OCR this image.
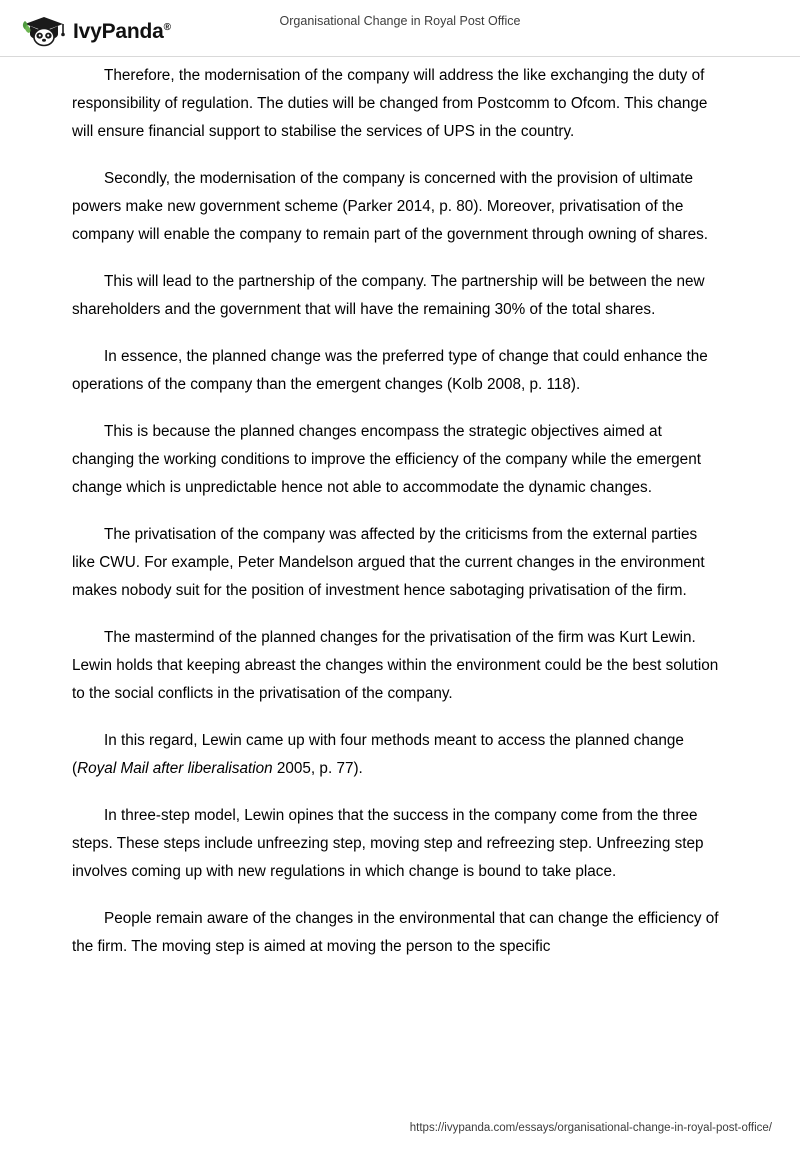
IvyPanda®	Organisational Change in Royal Post Office

Therefore, the modernisation of the company will address the like exchanging the duty of responsibility of regulation. The duties will be changed from Postcomm to Ofcom. This change will ensure financial support to stabilise the services of UPS in the country.

Secondly, the modernisation of the company is concerned with the provision of ultimate powers make new government scheme (Parker 2014, p. 80). Moreover, privatisation of the company will enable the company to remain part of the government through owning of shares.

This will lead to the partnership of the company. The partnership will be between the new shareholders and the government that will have the remaining 30% of the total shares.

In essence, the planned change was the preferred type of change that could enhance the operations of the company than the emergent changes (Kolb 2008, p. 118).

This is because the planned changes encompass the strategic objectives aimed at changing the working conditions to improve the efficiency of the company while the emergent change which is unpredictable hence not able to accommodate the dynamic changes.

The privatisation of the company was affected by the criticisms from the external parties like CWU. For example, Peter Mandelson argued that the current changes in the environment makes nobody suit for the position of investment hence sabotaging privatisation of the firm.

The mastermind of the planned changes for the privatisation of the firm was Kurt Lewin. Lewin holds that keeping abreast the changes within the environment could be the best solution to the social conflicts in the privatisation of the company.

In this regard, Lewin came up with four methods meant to access the planned change (Royal Mail after liberalisation 2005, p. 77).

In three-step model, Lewin opines that the success in the company come from the three steps. These steps include unfreezing step, moving step and refreezing step. Unfreezing step involves coming up with new regulations in which change is bound to take place.

People remain aware of the changes in the environmental that can change the efficiency of the firm. The moving step is aimed at moving the person to the specific

https://ivypanda.com/essays/organisational-change-in-royal-post-office/
